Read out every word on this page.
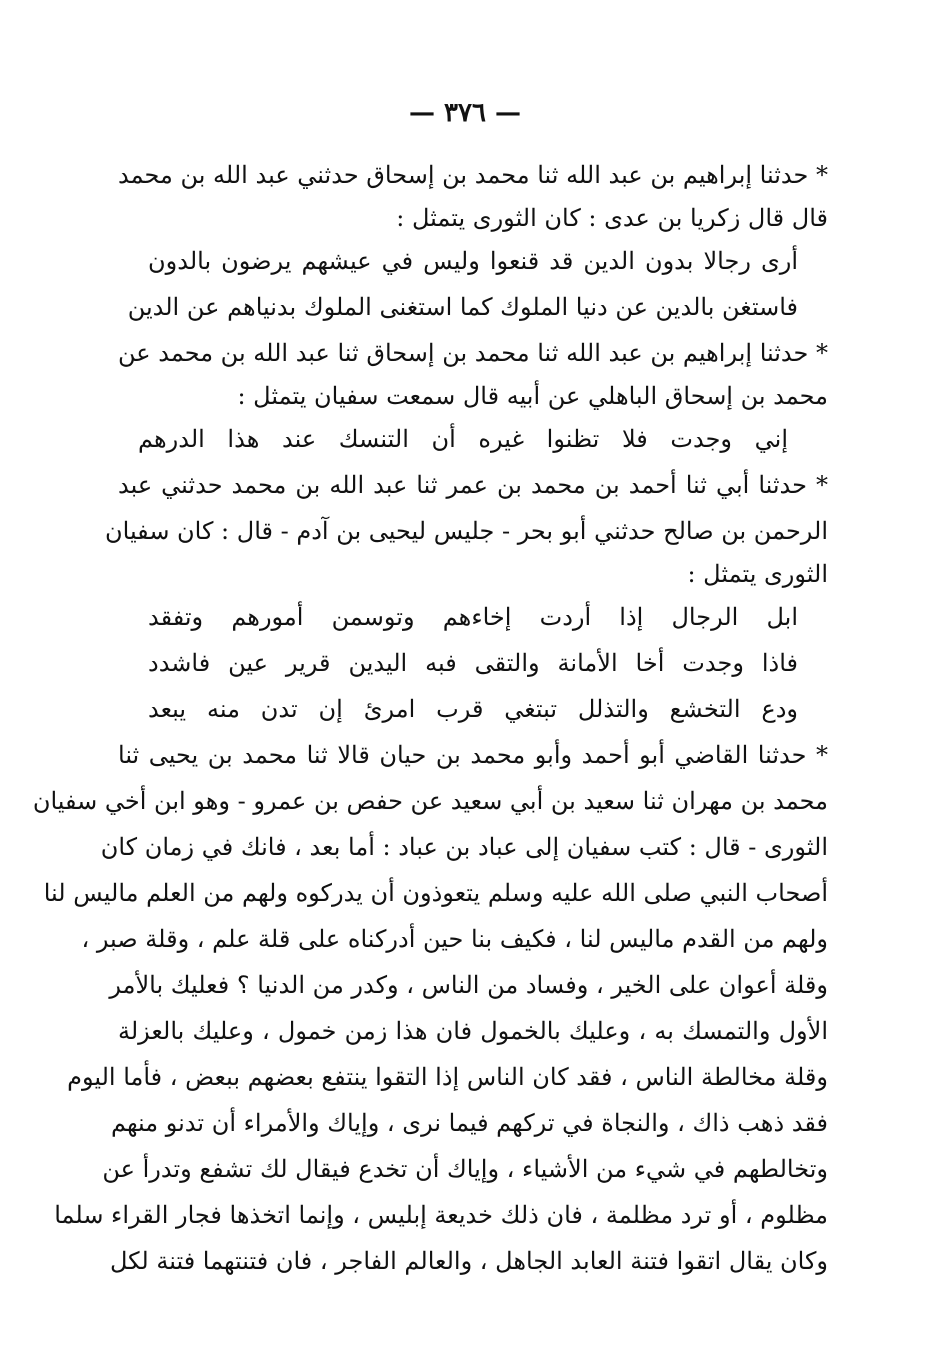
— ٣٧٦ —
* حدثنا إبراهيم بن عبد الله ثنا محمد بن إسحاق حدثني عبد الله بن محمد
قال قال زكريا بن عدى : كان الثورى يتمثل :
أرى رجالا بدون الدين قد قنعوا وليس في عيشهم يرضون بالدون
فاستغن بالدين عن دنيا الملوك كما استغنى الملوك بدنياهم عن الدين
* حدثنا إبراهيم بن عبد الله ثنا محمد بن إسحاق ثنا عبد الله بن محمد عن
محمد بن إسحاق الباهلي عن أبيه قال سمعت سفيان يتمثل :
إني وجدت فلا تظنوا غيره أن التنسك عند هذا الدرهم
* حدثنا أبي ثنا أحمد بن محمد بن عمر ثنا عبد الله بن محمد حدثني عبد
الرحمن بن صالح حدثني أبو بحر - جليس ليحيى بن آدم - قال : كان سفيان
الثورى يتمثل :
ابل الرجال إذا أردت إخاءهم وتوسمن أمورهم وتفقد
فاذا وجدت أخا الأمانة والتقى فبه اليدين قرير عين فاشدد
ودع التخشع والتذلل تبتغي قرب امرئ إن تدن منه يبعد
* حدثنا القاضي أبو أحمد وأبو محمد بن حيان قالا ثنا محمد بن يحيى ثنا
محمد بن مهران ثنا سعيد بن أبي سعيد عن حفص بن عمرو - وهو ابن أخي سفيان
الثورى - قال : كتب سفيان إلى عباد بن عباد : أما بعد ، فانك في زمان كان
أصحاب النبي صلى الله عليه وسلم يتعوذون أن يدركوه ولهم من العلم ماليس لنا
ولهم من القدم ماليس لنا ، فكيف بنا حين أدركناه على قلة علم ، وقلة صبر ،
وقلة أعوان على الخير ، وفساد من الناس ، وكدر من الدنيا ؟ فعليك بالأمر
الأول والتمسك به ، وعليك بالخمول فان هذا زمن خمول ، وعليك بالعزلة
وقلة مخالطة الناس ، فقد كان الناس إذا التقوا ينتفع بعضهم ببعض ، فأما اليوم
فقد ذهب ذاك ، والنجاة في تركهم فيما نرى ، وإياك والأمراء أن تدنو منهم
وتخالطهم في شيء من الأشياء ، وإياك أن تخدع فيقال لك تشفع وتدرأ عن
مظلوم ، أو ترد مظلمة ، فان ذلك خديعة إبليس ، وإنما اتخذها فجار القراء سلما
وكان يقال اتقوا فتنة العابد الجاهل ، والعالم الفاجر ، فان فتنتهما فتنة لكل
